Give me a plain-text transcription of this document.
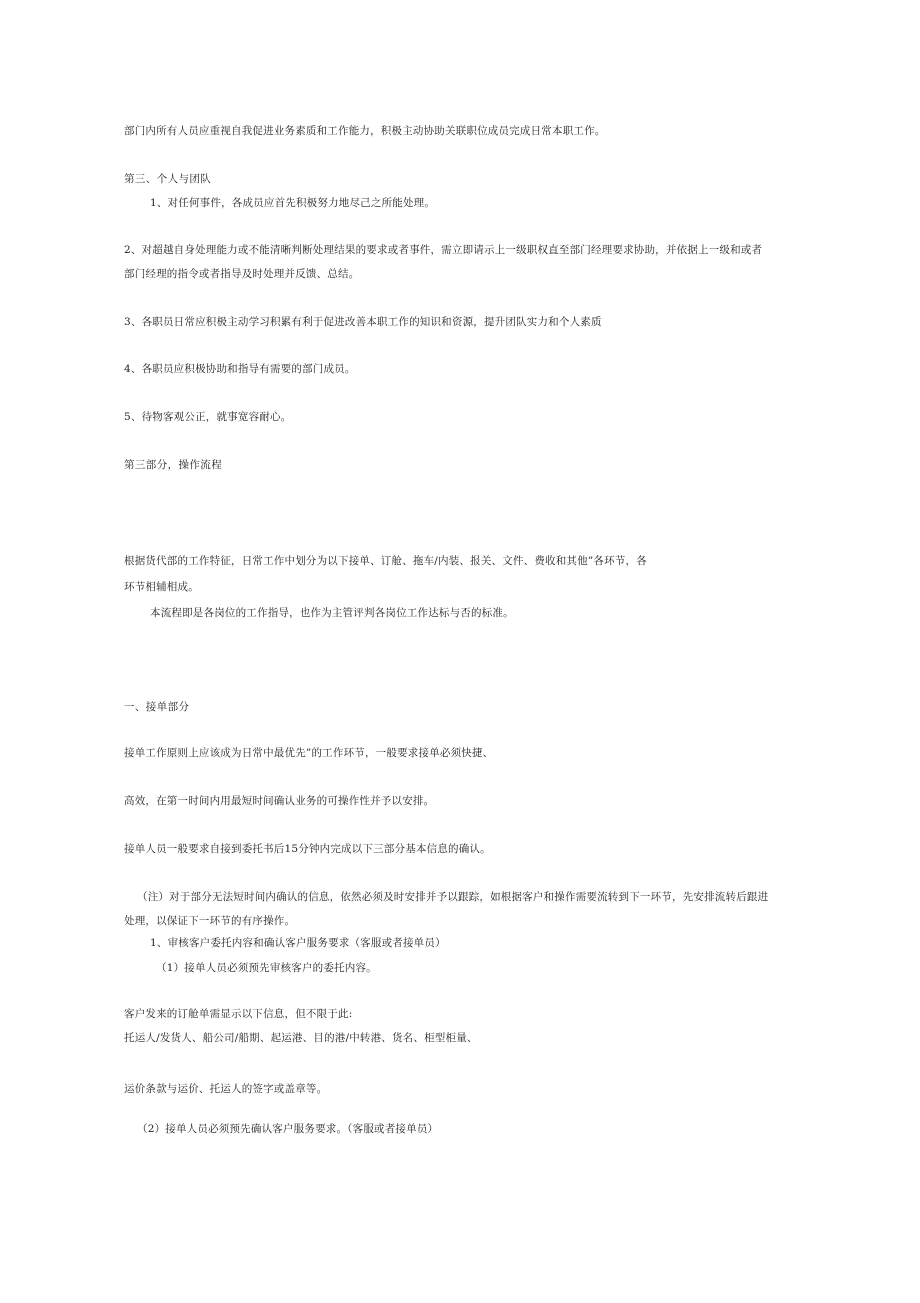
部门内所有人员应重视自我促进业务素质和工作能力，积极主动协助关联职位成员完成日常本职工作。
第三、个人与团队
1、对任何事件，各成员应首先积极努力地尽己之所能处理。
2、对超越自身处理能力或不能清晰判断处理结果的要求或者事件，需立即请示上一级职权直至部门经理要求协助，并依据上一级和或者
部门经理的指令或者指导及时处理并反馈、总结。
3、各职员日常应积极主动学习积累有利于促进改善本职工作的知识和资源，提升团队实力和个人素质
4、各职员应积极协助和指导有需要的部门成员。
5、待物客观公正，就事宽容耐心。
第三部分，操作流程
根据货代部的工作特征，日常工作中划分为以下接单、订舱、拖车/内装、报关、文件、费收和其他”各环节，各
环节相辅相成。
本流程即是各岗位的工作指导，也作为主管评判各岗位工作达标与否的标准。
一、接单部分
接单工作原则上应该成为日常中最优先”的工作环节，一般要求接单必须快捷、
高效，在第一时间内用最短时间确认业务的可操作性并予以安排。
接单人员一般要求自接到委托书后15分钟内完成以下三部分基本信息的确认。
（注）对于部分无法短时间内确认的信息，依然必须及时安排并予以跟踪，如根据客户和操作需要流转到下一环节，先安排流转后跟进
处理，以保证下一环节的有序操作。
1、审核客户委托内容和确认客户服务要求（客服或者接单员）
（1）接单人员必须预先审核客户的委托内容。
客户发来的订舱单需显示以下信息，但不限于此:
托运人/发货人、船公司/船期、起运港、目的港/中转港、货名、柜型柜量、
运价条款与运价、托运人的签字或盖章等。
（2）接单人员必须预先确认客户服务要求。（客服或者接单员）
